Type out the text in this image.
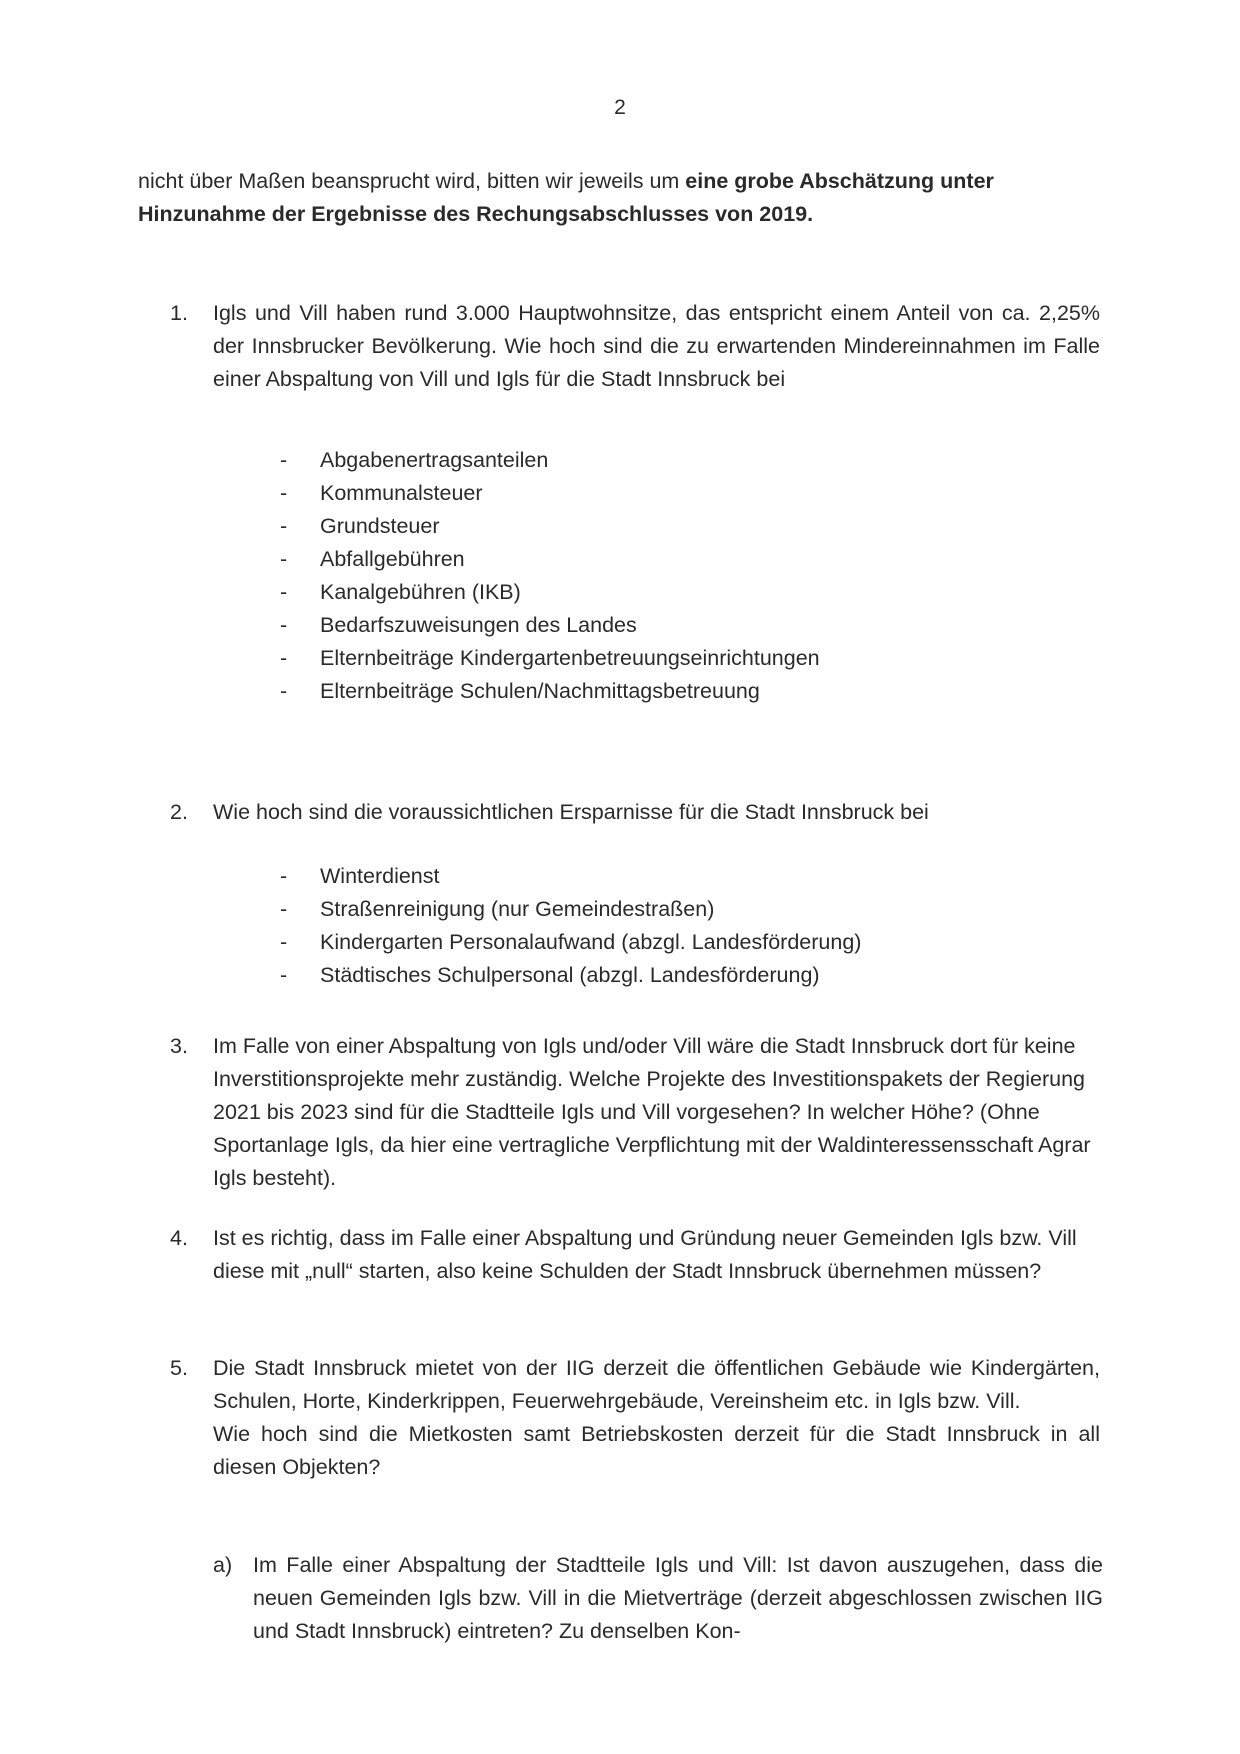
2

nicht über Maßen beansprucht wird, bitten wir jeweils um eine grobe Abschätzung unter Hinzunahme der Ergebnisse des Rechungsabschlusses von 2019.

1.	Igls und Vill haben rund 3.000 Hauptwohnsitze, das entspricht einem Anteil von ca. 2,25% der Innsbrucker Bevölkerung. Wie hoch sind die zu erwartenden Mindereinnahmen im Falle einer Abspaltung von Vill und Igls für die Stadt Innsbruck bei
- Abgabenertragsanteilen
- Kommunalsteuer
- Grundsteuer
- Abfallgebühren
- Kanalgebühren (IKB)
- Bedarfszuweisungen des Landes
- Elternbeiträge Kindergartenbetreuungseinrichtungen
- Elternbeiträge Schulen/Nachmittagsbetreuung
2.	Wie hoch sind die voraussichtlichen Ersparnisse für die Stadt Innsbruck bei
- Winterdienst
- Straßenreinigung (nur Gemeindestraßen)
- Kindergarten Personalaufwand (abzgl. Landesförderung)
- Städtisches Schulpersonal (abzgl. Landesförderung)
3.	Im Falle von einer Abspaltung von Igls und/oder Vill wäre die Stadt Innsbruck dort für keine Inverstitionsprojekte mehr zuständig. Welche Projekte des Investitionspakets der Regierung 2021 bis 2023 sind für die Stadtteile Igls und Vill vorgesehen? In welcher Höhe? (Ohne Sportanlage Igls, da hier eine vertragliche Verpflichtung mit der Waldinteressensschaft Agrar Igls besteht).
4.	Ist es richtig, dass im Falle einer Abspaltung und Gründung neuer Gemeinden Igls bzw. Vill diese mit „null“ starten, also keine Schulden der Stadt Innsbruck übernehmen müssen?
5.	Die Stadt Innsbruck mietet von der IIG derzeit die öffentlichen Gebäude wie Kindergärten, Schulen, Horte, Kinderkrippen, Feuerwehrgebäude, Vereinsheim etc. in Igls bzw. Vill.
Wie hoch sind die Mietkosten samt Betriebskosten derzeit für die Stadt Innsbruck in all diesen Objekten?
a) Im Falle einer Abspaltung der Stadtteile Igls und Vill: Ist davon auszugehen, dass die neuen Gemeinden Igls bzw. Vill in die Mietverträge (derzeit abgeschlossen zwischen IIG und Stadt Innsbruck) eintreten? Zu denselben Kon-
